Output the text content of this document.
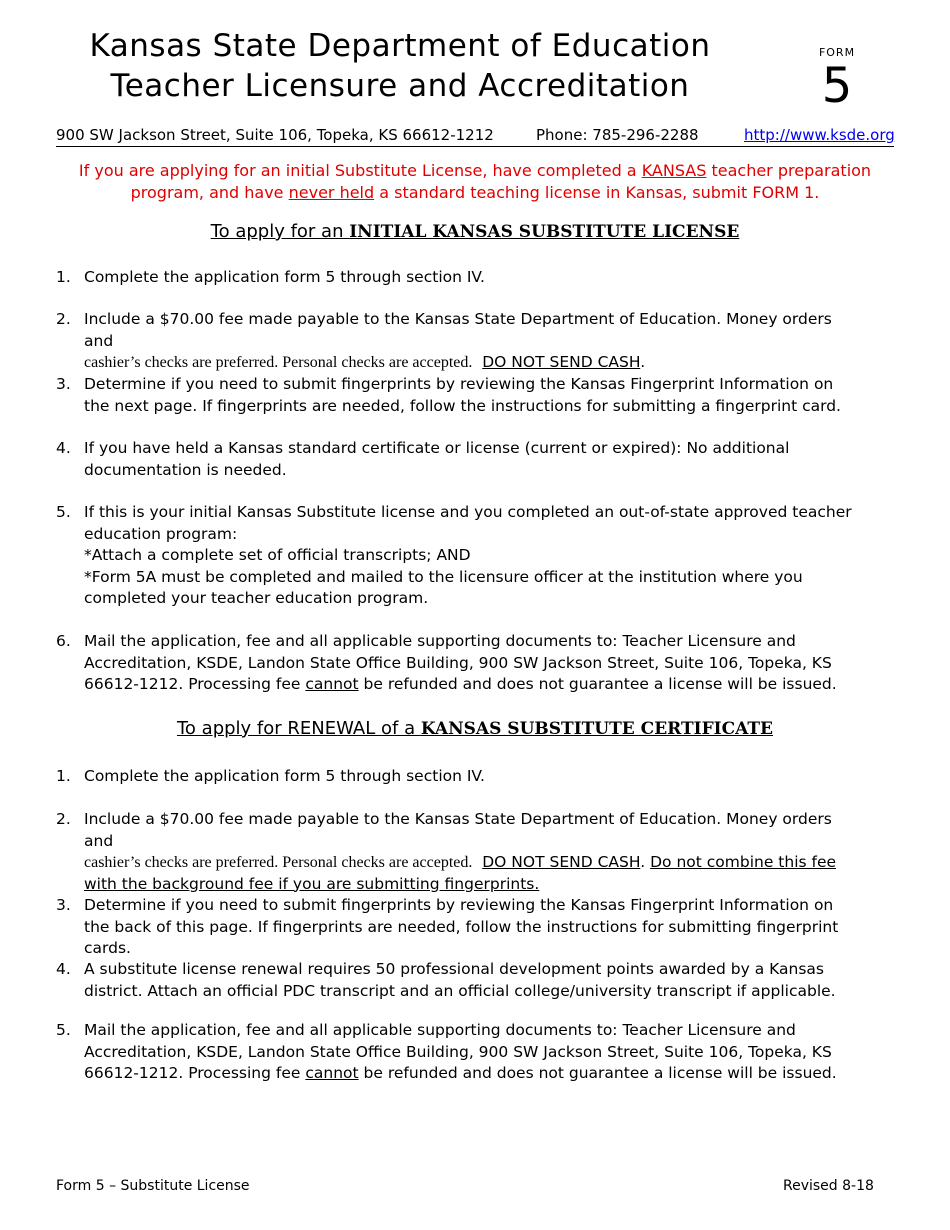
Kansas State Department of Education
Teacher Licensure and Accreditation
FORM
5
900 SW Jackson Street, Suite 106, Topeka, KS 66612-1212	Phone: 785-296-2288	http://www.ksde.org
If you are applying for an initial Substitute License, have completed a KANSAS teacher preparation program, and have never held a standard teaching license in Kansas, submit FORM 1.
To apply for an INITIAL KANSAS SUBSTITUTE LICENSE
1. Complete the application form 5 through section IV.
2. Include a $70.00 fee made payable to the Kansas State Department of Education. Money orders and
cashier’s checks are preferred. Personal checks are accepted. DO NOT SEND CASH.
3. Determine if you need to submit fingerprints by reviewing the Kansas Fingerprint Information on the next page. If fingerprints are needed, follow the instructions for submitting a fingerprint card.
4. If you have held a Kansas standard certificate or license (current or expired): No additional documentation is needed.
5. If this is your initial Kansas Substitute license and you completed an out-of-state approved teacher education program:
*Attach a complete set of official transcripts; AND
*Form 5A must be completed and mailed to the licensure officer at the institution where you completed your teacher education program.
6. Mail the application, fee and all applicable supporting documents to: Teacher Licensure and Accreditation, KSDE, Landon State Office Building, 900 SW Jackson Street, Suite 106, Topeka, KS 66612-1212. Processing fee cannot be refunded and does not guarantee a license will be issued.
To apply for RENEWAL of a KANSAS SUBSTITUTE CERTIFICATE
1. Complete the application form 5 through section IV.
2. Include a $70.00 fee made payable to the Kansas State Department of Education. Money orders and
cashier’s checks are preferred. Personal checks are accepted. DO NOT SEND CASH. Do not combine this fee with the background fee if you are submitting fingerprints.
3. Determine if you need to submit fingerprints by reviewing the Kansas Fingerprint Information on the back of this page. If fingerprints are needed, follow the instructions for submitting fingerprint cards.
4. A substitute license renewal requires 50 professional development points awarded by a Kansas district. Attach an official PDC transcript and an official college/university transcript if applicable.
5. Mail the application, fee and all applicable supporting documents to: Teacher Licensure and Accreditation, KSDE, Landon State Office Building, 900 SW Jackson Street, Suite 106, Topeka, KS 66612-1212. Processing fee cannot be refunded and does not guarantee a license will be issued.
Form 5 – Substitute License	Revised 8-18
